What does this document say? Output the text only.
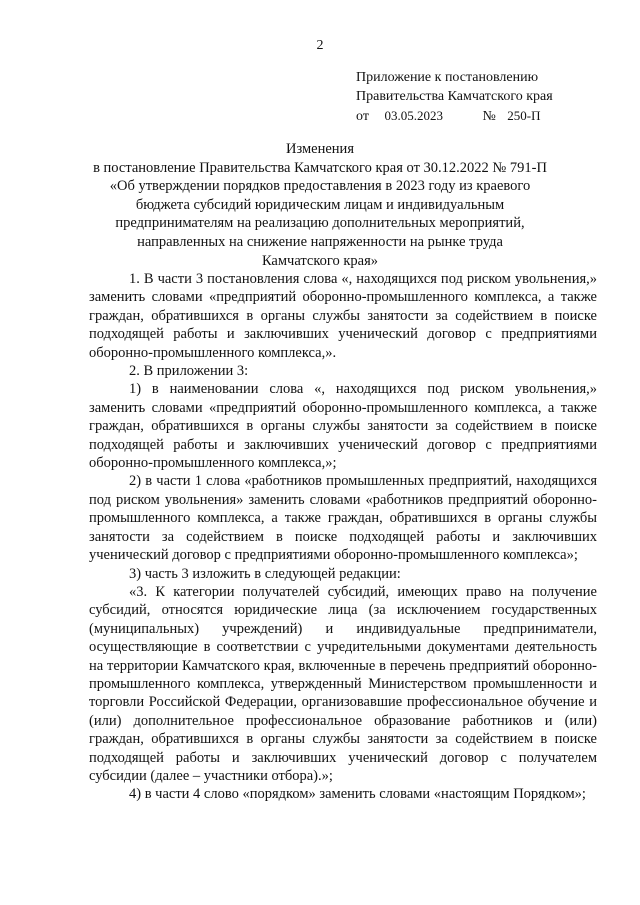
2
Приложение к постановлению
Правительства Камчатского края
от 03.05.2023	№ 250-П
Изменения
в постановление Правительства Камчатского края от 30.12.2022 № 791-П
«Об утверждении порядков предоставления в 2023 году из краевого
бюджета субсидий юридическим лицам и индивидуальным
предпринимателям на реализацию дополнительных мероприятий,
направленных на снижение напряженности на рынке труда
Камчатского края»

1. В части 3 постановления слова «, находящихся под риском увольнения,» заменить словами «предприятий оборонно-промышленного комплекса, а также граждан, обратившихся в органы службы занятости за содействием в поиске подходящей работы и заключивших ученический договор с предприятиями оборонно-промышленного комплекса,».

2. В приложении 3:

1) в наименовании слова «, находящихся под риском увольнения,» заменить словами «предприятий оборонно-промышленного комплекса, а также граждан, обратившихся в органы службы занятости за содействием в поиске подходящей работы и заключивших ученический договор с предприятиями оборонно-промышленного комплекса,»;

2) в части 1 слова «работников промышленных предприятий, находящихся под риском увольнения» заменить словами «работников предприятий оборонно-промышленного комплекса, а также граждан, обратившихся в органы службы занятости за содействием в поиске подходящей работы и заключивших ученический договор с предприятиями оборонно-промышленного комплекса»;

3) часть 3 изложить в следующей редакции:

«3. К категории получателей субсидий, имеющих право на получение субсидий, относятся юридические лица (за исключением государственных (муниципальных) учреждений) и индивидуальные предприниматели, осуществляющие в соответствии с учредительными документами деятельность на территории Камчатского края, включенные в перечень предприятий оборонно-промышленного комплекса, утвержденный Министерством промышленности и торговли Российской Федерации, организовавшие профессиональное обучение и (или) дополнительное профессиональное образование работников и (или) граждан, обратившихся в органы службы занятости за содействием в поиске подходящей работы и заключивших ученический договор с получателем субсидии (далее – участники отбора).»;

4) в части 4 слово «порядком» заменить словами «настоящим Порядком»;
